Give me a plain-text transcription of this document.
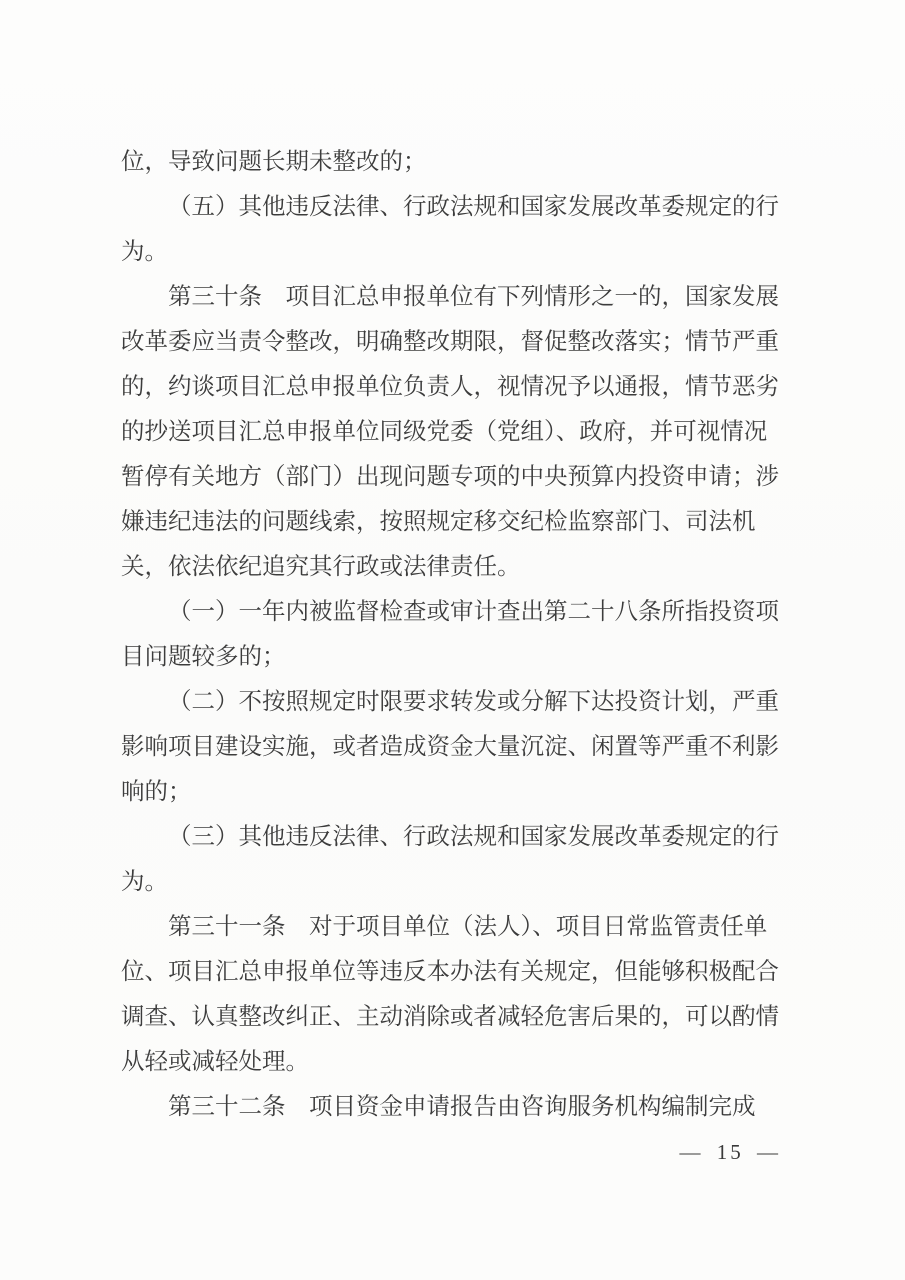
位，导致问题长期未整改的；
（五）其他违反法律、行政法规和国家发展改革委规定的行
为。
第三十条　项目汇总申报单位有下列情形之一的，国家发展
改革委应当责令整改，明确整改期限，督促整改落实；情节严重
的，约谈项目汇总申报单位负责人，视情况予以通报，情节恶劣
的抄送项目汇总申报单位同级党委（党组）、政府，并可视情况
暂停有关地方（部门）出现问题专项的中央预算内投资申请；涉
嫌违纪违法的问题线索，按照规定移交纪检监察部门、司法机
关，依法依纪追究其行政或法律责任。
（一）一年内被监督检查或审计查出第二十八条所指投资项
目问题较多的；
（二）不按照规定时限要求转发或分解下达投资计划，严重
影响项目建设实施，或者造成资金大量沉淀、闲置等严重不利影
响的；
（三）其他违反法律、行政法规和国家发展改革委规定的行
为。
第三十一条　对于项目单位（法人）、项目日常监管责任单
位、项目汇总申报单位等违反本办法有关规定，但能够积极配合
调查、认真整改纠正、主动消除或者减轻危害后果的，可以酌情
从轻或减轻处理。
第三十二条　项目资金申请报告由咨询服务机构编制完成
— 15 —
